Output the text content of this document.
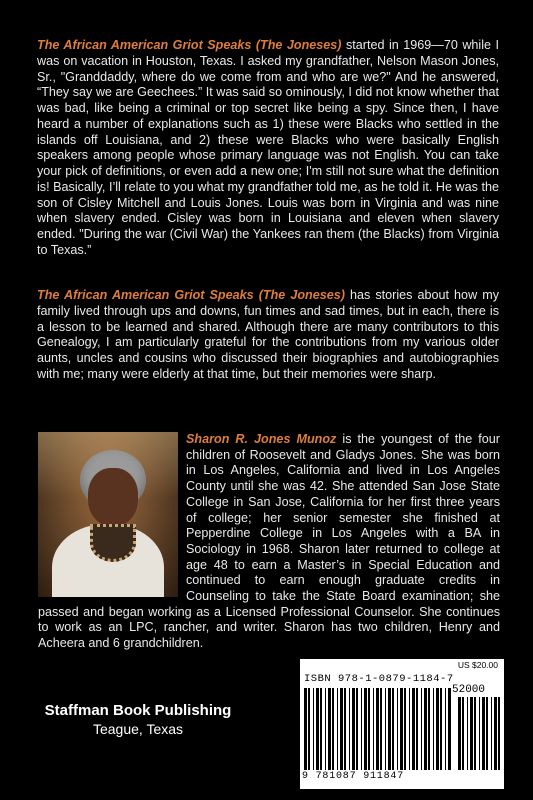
The African American Griot Speaks (The Joneses) started in 1969—70 while I was on vacation in Houston, Texas. I asked my grandfather, Nelson Mason Jones, Sr., "Granddaddy, where do we come from and who are we?" And he answered, “They say we are Geechees.” It was said so ominously, I did not know whether that was bad, like being a criminal or top secret like being a spy. Since then, I have heard a number of explanations such as 1) these were Blacks who settled in the islands off Louisiana, and 2) these were Blacks who were basically English speakers among people whose primary language was not English. You can take your pick of definitions, or even add a new one; I'm still not sure what the definition is! Basically, I’ll relate to you what my grandfather told me, as he told it. He was the son of Cisley Mitchell and Louis Jones. Louis was born in Virginia and was nine when slavery ended. Cisley was born in Louisiana and eleven when slavery ended. "During the war (Civil War) the Yankees ran them (the Blacks) from Virginia to Texas.”

The African American Griot Speaks (The Joneses) has stories about how my family lived through ups and downs, fun times and sad times, but in each, there is a lesson to be learned and shared. Although there are many contributors to this Genealogy, I am particularly grateful for the contributions from my various older aunts, uncles and cousins who discussed their biographies and autobiographies with me; many were elderly at that time, but their memories were sharp.

Sharon R. Jones Munoz is the youngest of the four children of Roosevelt and Gladys Jones. She was born in Los Angeles, California and lived in Los Angeles County until she was 42. She attended San Jose State College in San Jose, California for her first three years of college; her senior semester she finished at Pepperdine College in Los Angeles with a BA in Sociology in 1968. Sharon later returned to college at age 48 to earn a Master’s in Special Education and continued to earn enough graduate credits in Counseling to take the State Board examination; she passed and began working as a Licensed Professional Counselor. She continues to work as an LPC, rancher, and writer. Sharon has two children, Henry and Acheera and 6 grandchildren.

Staffman Book Publishing
Teague, Texas
US $20.00
ISBN 978-1-0879-1184-7
52000
9 781087 911847
